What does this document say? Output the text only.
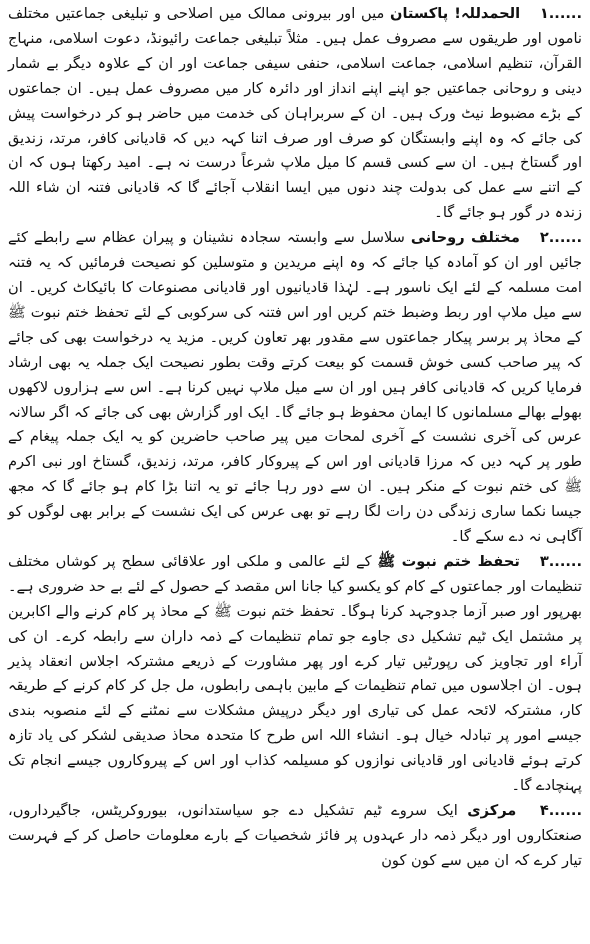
۱...... الحمدللہ! پاکستان میں اور بیرونی ممالک میں اصلاحی و تبلیغی جماعتیں مختلف ناموں اور طریقوں سے مصروف عمل ہیں۔ مثلاً تبلیغی جماعت رائیونڈ، دعوت اسلامی، منہاج القرآن، تنظیم اسلامی، جماعت اسلامی، حنفی سیفی جماعت اور ان کے علاوہ دیگر بے شمار دینی و روحانی جماعتیں جو اپنے اپنے انداز اور دائرہ کار میں مصروف عمل ہیں۔ ان جماعتوں کے بڑے مضبوط نیٹ ورک ہیں۔ ان کے سربراہان کی خدمت میں حاضر ہو کر درخواست پیش کی جائے کہ وہ اپنے وابستگان کو صرف اور صرف اتنا کہہ دیں کہ قادیانی کافر، مرتد، زندیق اور گستاخ ہیں۔ ان سے کسی قسم کا میل ملاپ شرعاً درست نہ ہے۔ امید رکھتا ہوں کہ ان کے اتنے سے عمل کی بدولت چند دنوں میں ایسا انقلاب آجائے گا کہ قادیانی فتنہ ان شاء اللہ زندہ در گور ہو جائے گا۔

۲...... مختلف روحانی سلاسل سے وابستہ سجادہ نشینان و پیران عظام سے رابطے کئے جائیں اور ان کو آمادہ کیا جائے کہ وہ اپنے مریدین و متوسلین کو نصیحت فرمائیں کہ یہ فتنہ امت مسلمہ کے لئے ایک ناسور ہے۔ لہٰذا قادیانیوں اور قادیانی مصنوعات کا بائیکاٹ کریں۔ ان سے میل ملاپ اور ربط وضبط ختم کریں اور اس فتنہ کی سرکوبی کے لئے تحفظ ختم نبوت ﷺ کے محاذ پر برسر پیکار جماعتوں سے مقدور بھر تعاون کریں۔ مزید یہ درخواست بھی کی جائے کہ پیر صاحب کسی خوش قسمت کو بیعت کرتے وقت بطور نصیحت ایک جملہ یہ بھی ارشاد فرمایا کریں کہ قادیانی کافر ہیں اور ان سے میل ملاپ نہیں کرنا ہے۔ اس سے ہزاروں لاکھوں بھولے بھالے مسلمانوں کا ایمان محفوظ ہو جائے گا۔ ایک اور گزارش بھی کی جائے کہ اگر سالانہ عرس کی آخری نشست کے آخری لمحات میں پیر صاحب حاضرین کو یہ ایک جملہ پیغام کے طور پر کہہ دیں کہ مرزا قادیانی اور اس کے پیروکار کافر، مرتد، زندیق، گستاخ اور نبی اکرم ﷺ کی ختم نبوت کے منکر ہیں۔ ان سے دور رہا جائے تو یہ اتنا بڑا کام ہو جائے گا کہ مجھ جیسا نکما ساری زندگی دن رات لگا رہے تو بھی عرس کی ایک نشست کے برابر بھی لوگوں کو آگاہی نہ دے سکے گا۔

۳...... تحفظ ختم نبوت ﷺ کے لئے عالمی و ملکی اور علاقائی سطح پر کوشاں مختلف تنظیمات اور جماعتوں کے کام کو یکسو کیا جانا اس مقصد کے حصول کے لئے بے حد ضروری ہے۔ بھرپور اور صبر آزما جدوجہد کرنا ہوگا۔ تحفظ ختم نبوت ﷺ کے محاذ پر کام کرنے والے اکابرین پر مشتمل ایک ٹیم تشکیل دی جاوے جو تمام تنظیمات کے ذمہ داران سے رابطہ کرے۔ ان کی آراء اور تجاویز کی رپورٹیں تیار کرے اور پھر مشاورت کے ذریعے مشترکہ اجلاس انعقاد پذیر ہوں۔ ان اجلاسوں میں تمام تنظیمات کے مابین باہمی رابطوں، مل جل کر کام کرنے کے طریقہ کار، مشترکہ لائحہ عمل کی تیاری اور دیگر درپیش مشکلات سے نمٹنے کے لئے منصوبہ بندی جیسے امور پر تبادلہ خیال ہو۔ انشاء اللہ اس طرح کا متحدہ محاذ صدیقی لشکر کی یاد تازہ کرتے ہوئے قادیانی اور قادیانی نوازوں کو مسیلمہ کذاب اور اس کے پیروکاروں جیسے انجام تک پہنچادے گا۔

۴...... مرکزی ایک سروے ٹیم تشکیل دے جو سیاستدانوں، بیوروکریٹس، جاگیرداروں، صنعتکاروں اور دیگر ذمہ دار عہدوں پر فائز شخصیات کے بارے معلومات حاصل کر کے فہرست تیار کرے کہ ان میں سے کون کون
